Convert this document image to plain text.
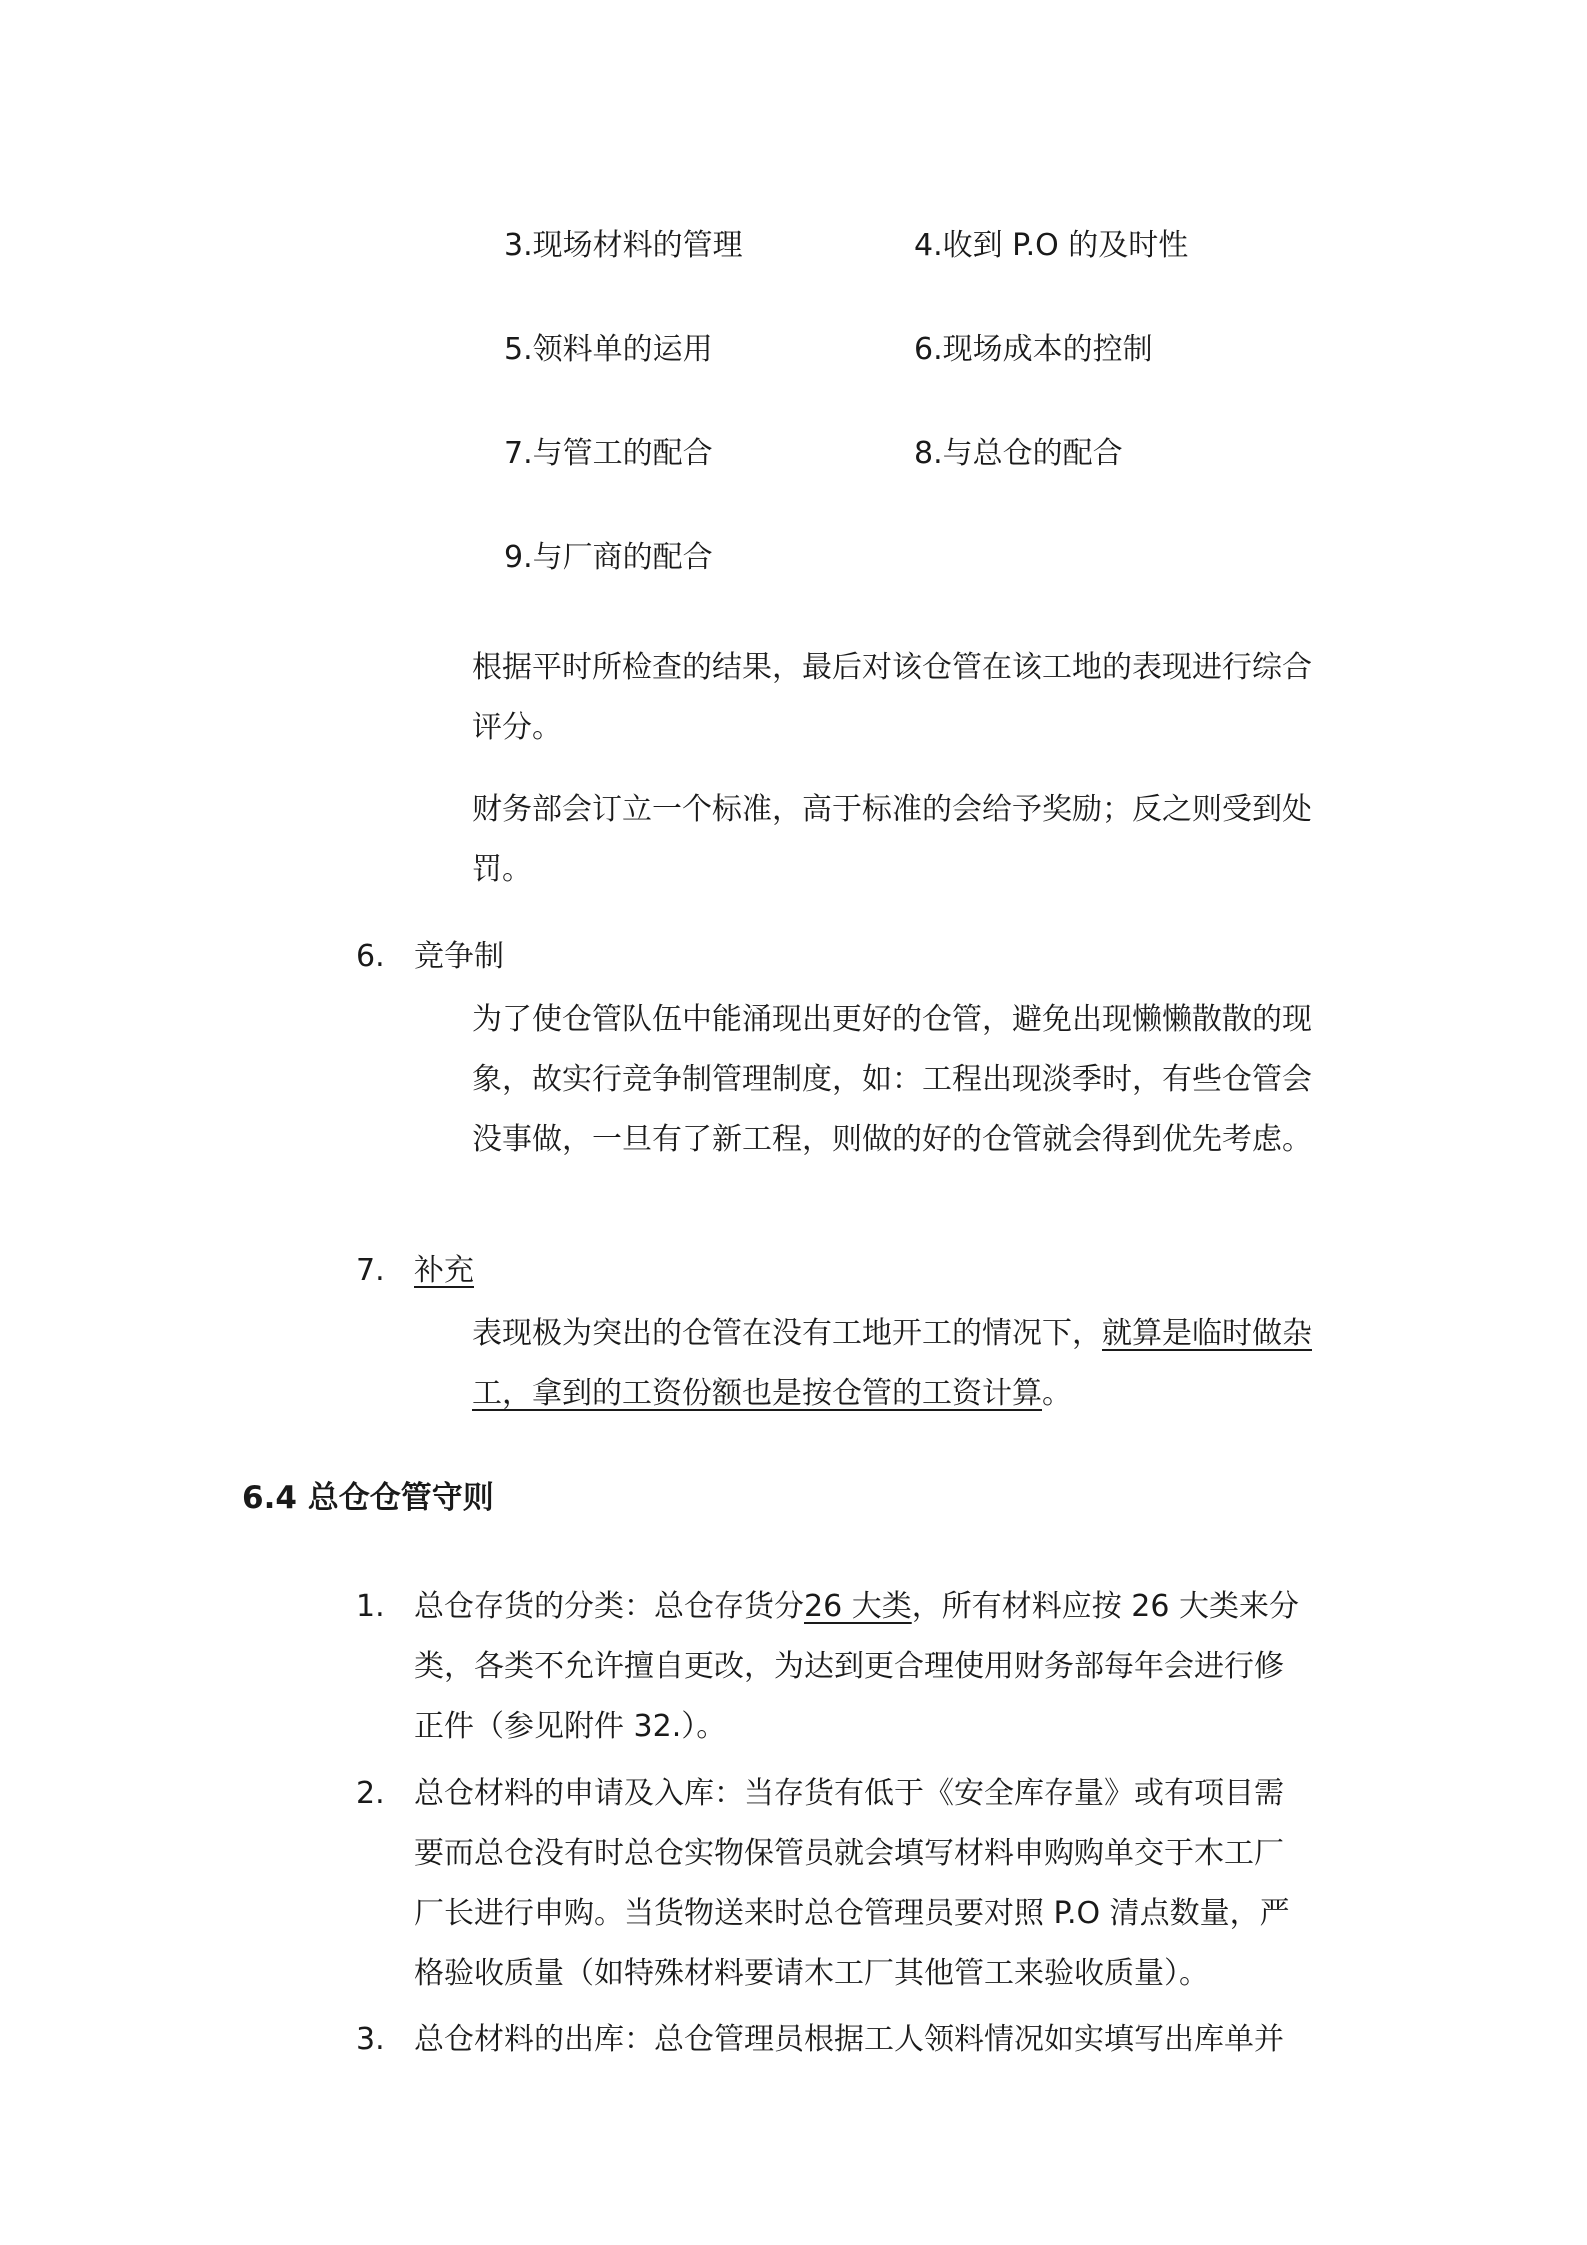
3.现场材料的管理	4.收到 P.O 的及时性
5.领料单的运用	6.现场成本的控制
7.与管工的配合	8.与总仓的配合
9.与厂商的配合
根据平时所检查的结果，最后对该仓管在该工地的表现进行综合
评分。
财务部会订立一个标准，高于标准的会给予奖励；反之则受到处
罚。
6. 竞争制
为了使仓管队伍中能涌现出更好的仓管，避免出现懒懒散散的现
象，故实行竞争制管理制度，如：工程出现淡季时，有些仓管会
没事做，一旦有了新工程，则做的好的仓管就会得到优先考虑。
7. 补充
表现极为突出的仓管在没有工地开工的情况下，就算是临时做杂
工，拿到的工资份额也是按仓管的工资计算。
6.4 总仓仓管守则
1. 总仓存货的分类：总仓存货分26 大类，所有材料应按 26 大类来分
类，各类不允许擅自更改，为达到更合理使用财务部每年会进行修
正件（参见附件 32.）。
2. 总仓材料的申请及入库：当存货有低于《安全库存量》或有项目需
要而总仓没有时总仓实物保管员就会填写材料申购购单交于木工厂
厂长进行申购。当货物送来时总仓管理员要对照 P.O 清点数量，严
格验收质量（如特殊材料要请木工厂其他管工来验收质量）。
3. 总仓材料的出库：总仓管理员根据工人领料情况如实填写出库单并
